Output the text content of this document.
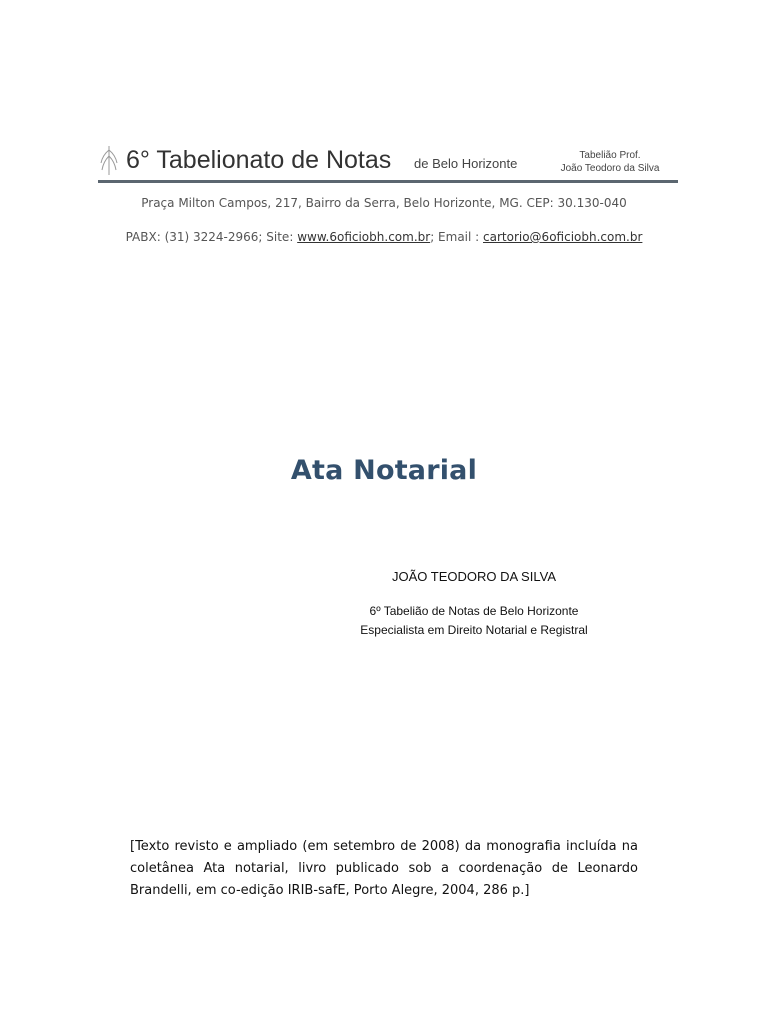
6° Tabelionato de Notas de Belo Horizonte
Tabelião Prof.
João Teodoro da Silva
Praça Milton Campos, 217, Bairro da Serra, Belo Horizonte, MG. CEP: 30.130-040
PABX: (31) 3224-2966; Site: www.6oficiobh.com.br; Email : cartorio@6oficiobh.com.br
Ata Notarial
JOÃO TEODORO DA SILVA
6º Tabelião de Notas de Belo Horizonte
Especialista em Direito Notarial e Registral
[Texto revisto e ampliado (em setembro de 2008) da monografia incluída na coletânea Ata notarial, livro publicado sob a coordenação de Leonardo Brandelli, em co-edição IRIB-safE, Porto Alegre, 2004, 286 p.]
